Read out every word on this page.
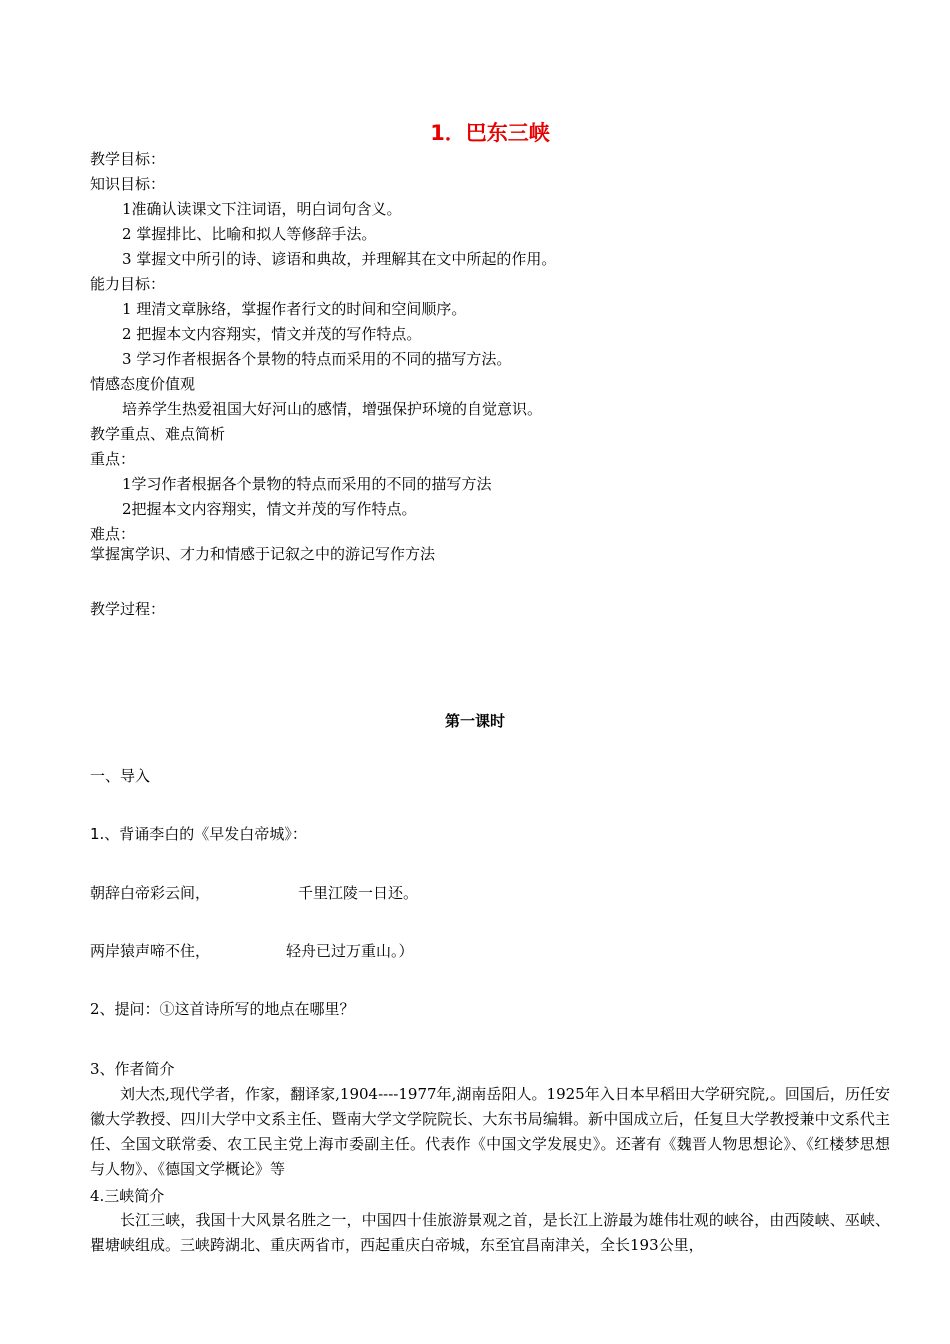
1．巴东三峡
教学目标：
知识目标：
1准确认读课文下注词语，明白词句含义。
2 掌握排比、比喻和拟人等修辞手法。
3 掌握文中所引的诗、谚语和典故，并理解其在文中所起的作用。
能力目标：
1 理清文章脉络，掌握作者行文的时间和空间顺序。
2 把握本文内容翔实，情文并茂的写作特点。
3 学习作者根据各个景物的特点而采用的不同的描写方法。
情感态度价值观
培养学生热爱祖国大好河山的感情，增强保护环境的自觉意识。
教学重点、难点简析
重点：
1学习作者根据各个景物的特点而采用的不同的描写方法
2把握本文内容翔实，情文并茂的写作特点。
难点：
掌握寓学识、才力和情感于记叙之中的游记写作方法
教学过程：
第一课时
一、导入
1.、背诵李白的《早发白帝城》：
朝辞白帝彩云间，	千里江陵一日还。
两岸猿声啼不住，	轻舟已过万重山。）
2、提问：①这首诗所写的地点在哪里？
3、作者简介
刘大杰,现代学者，作家，翻译家,1904----1977年,湖南岳阳人。1925年入日本早稻田大学研究院,。回国后，历任安徽大学教授、四川大学中文系主任、暨南大学文学院院长、大东书局编辑。新中国成立后，任复旦大学教授兼中文系代主任、全国文联常委、农工民主党上海市委副主任。代表作《中国文学发展史》。还著有《魏晋人物思想论》、《红楼梦思想与人物》、《德国文学概论》等
4.三峡简介
长江三峡，我国十大风景名胜之一，中国四十佳旅游景观之首，是长江上游最为雄伟壮观的峡谷，由西陵峡、巫峡、瞿塘峡组成。三峡跨湖北、重庆两省市，西起重庆白帝城，东至宜昌南津关，全长193公里，
